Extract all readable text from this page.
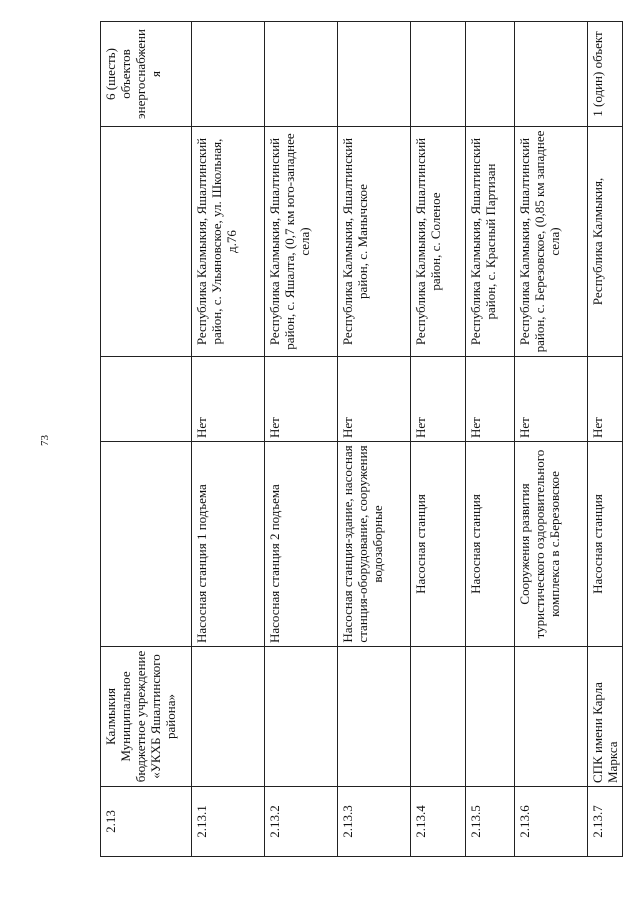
73
2.13	Калмыкия Муниципальное бюджетное учреждение «УКХБ Яшалтинского района»				6 (шесть) объектов энергоснабжени я
2.13.1		Насосная станция 1 подъема	Нет	Республика Калмыкия, Яшалтинский район, с. Ульяновское, ул. Школьная, д.76	
2.13.2		Насосная станция 2 подъема	Нет	Республика Калмыкия, Яшалтинский район, с. Яшалта, (0,7 км юго-западнее села)	
2.13.3		Насосная станция-здание, насосная станция-оборудование, сооружения водозаборные	Нет	Республика Калмыкия, Яшалтинский район, с. Манычское	
2.13.4		Насосная станция	Нет	Республика Калмыкия, Яшалтинский район, с. Соленое	
2.13.5		Насосная станция	Нет	Республика Калмыкия, Яшалтинский район, с. Красный Партизан	
2.13.6		Сооружения развития туристического оздоровительного комплекса в с.Березовское	Нет	Республика Калмыкия, Яшалтинский район, с. Березовское, (0,85 км западнее села)	
2.13.7	СПК имени Карла Маркса	Насосная станция	Нет	Республика Калмыкия,	1 (один) объект
